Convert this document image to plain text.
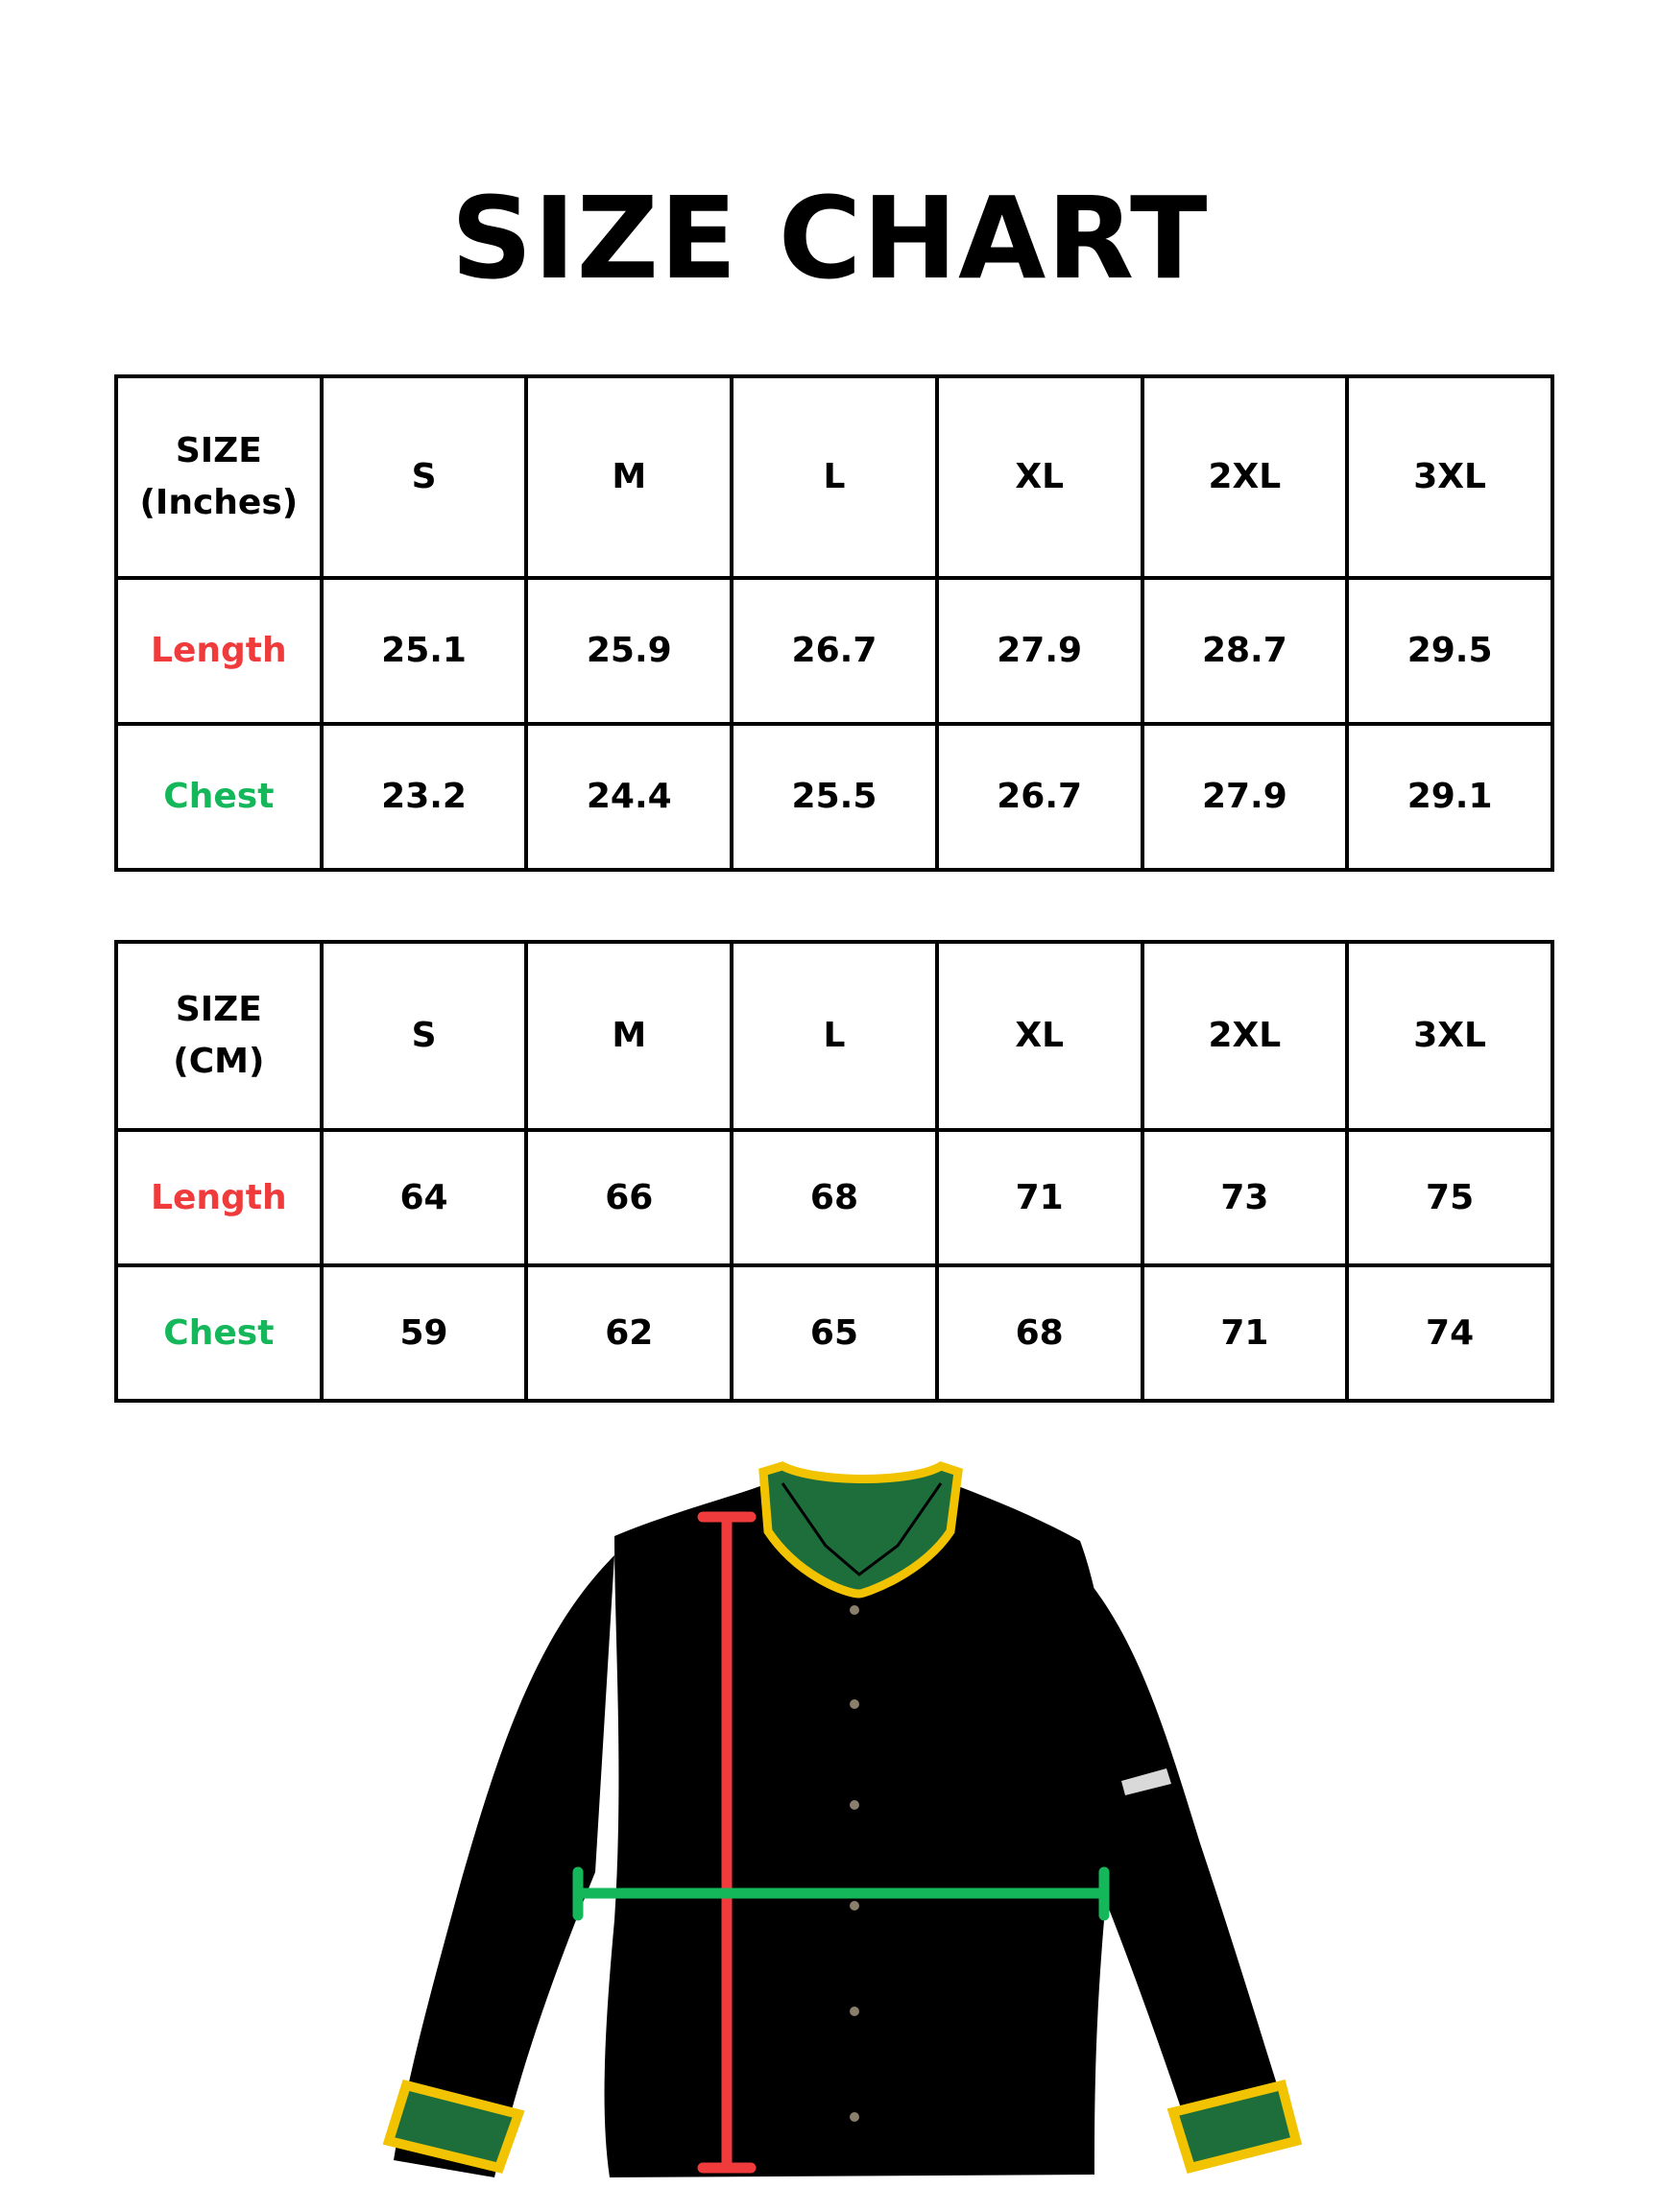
SIZE CHART
SIZE
(Inches)	S	M	L	XL	2XL	3XL
Length	25.1	25.9	26.7	27.9	28.7	29.5
Chest	23.2	24.4	25.5	26.7	27.9	29.1
SIZE
(CM)	S	M	L	XL	2XL	3XL
Length	64	66	68	71	73	75
Chest	59	62	65	68	71	74
